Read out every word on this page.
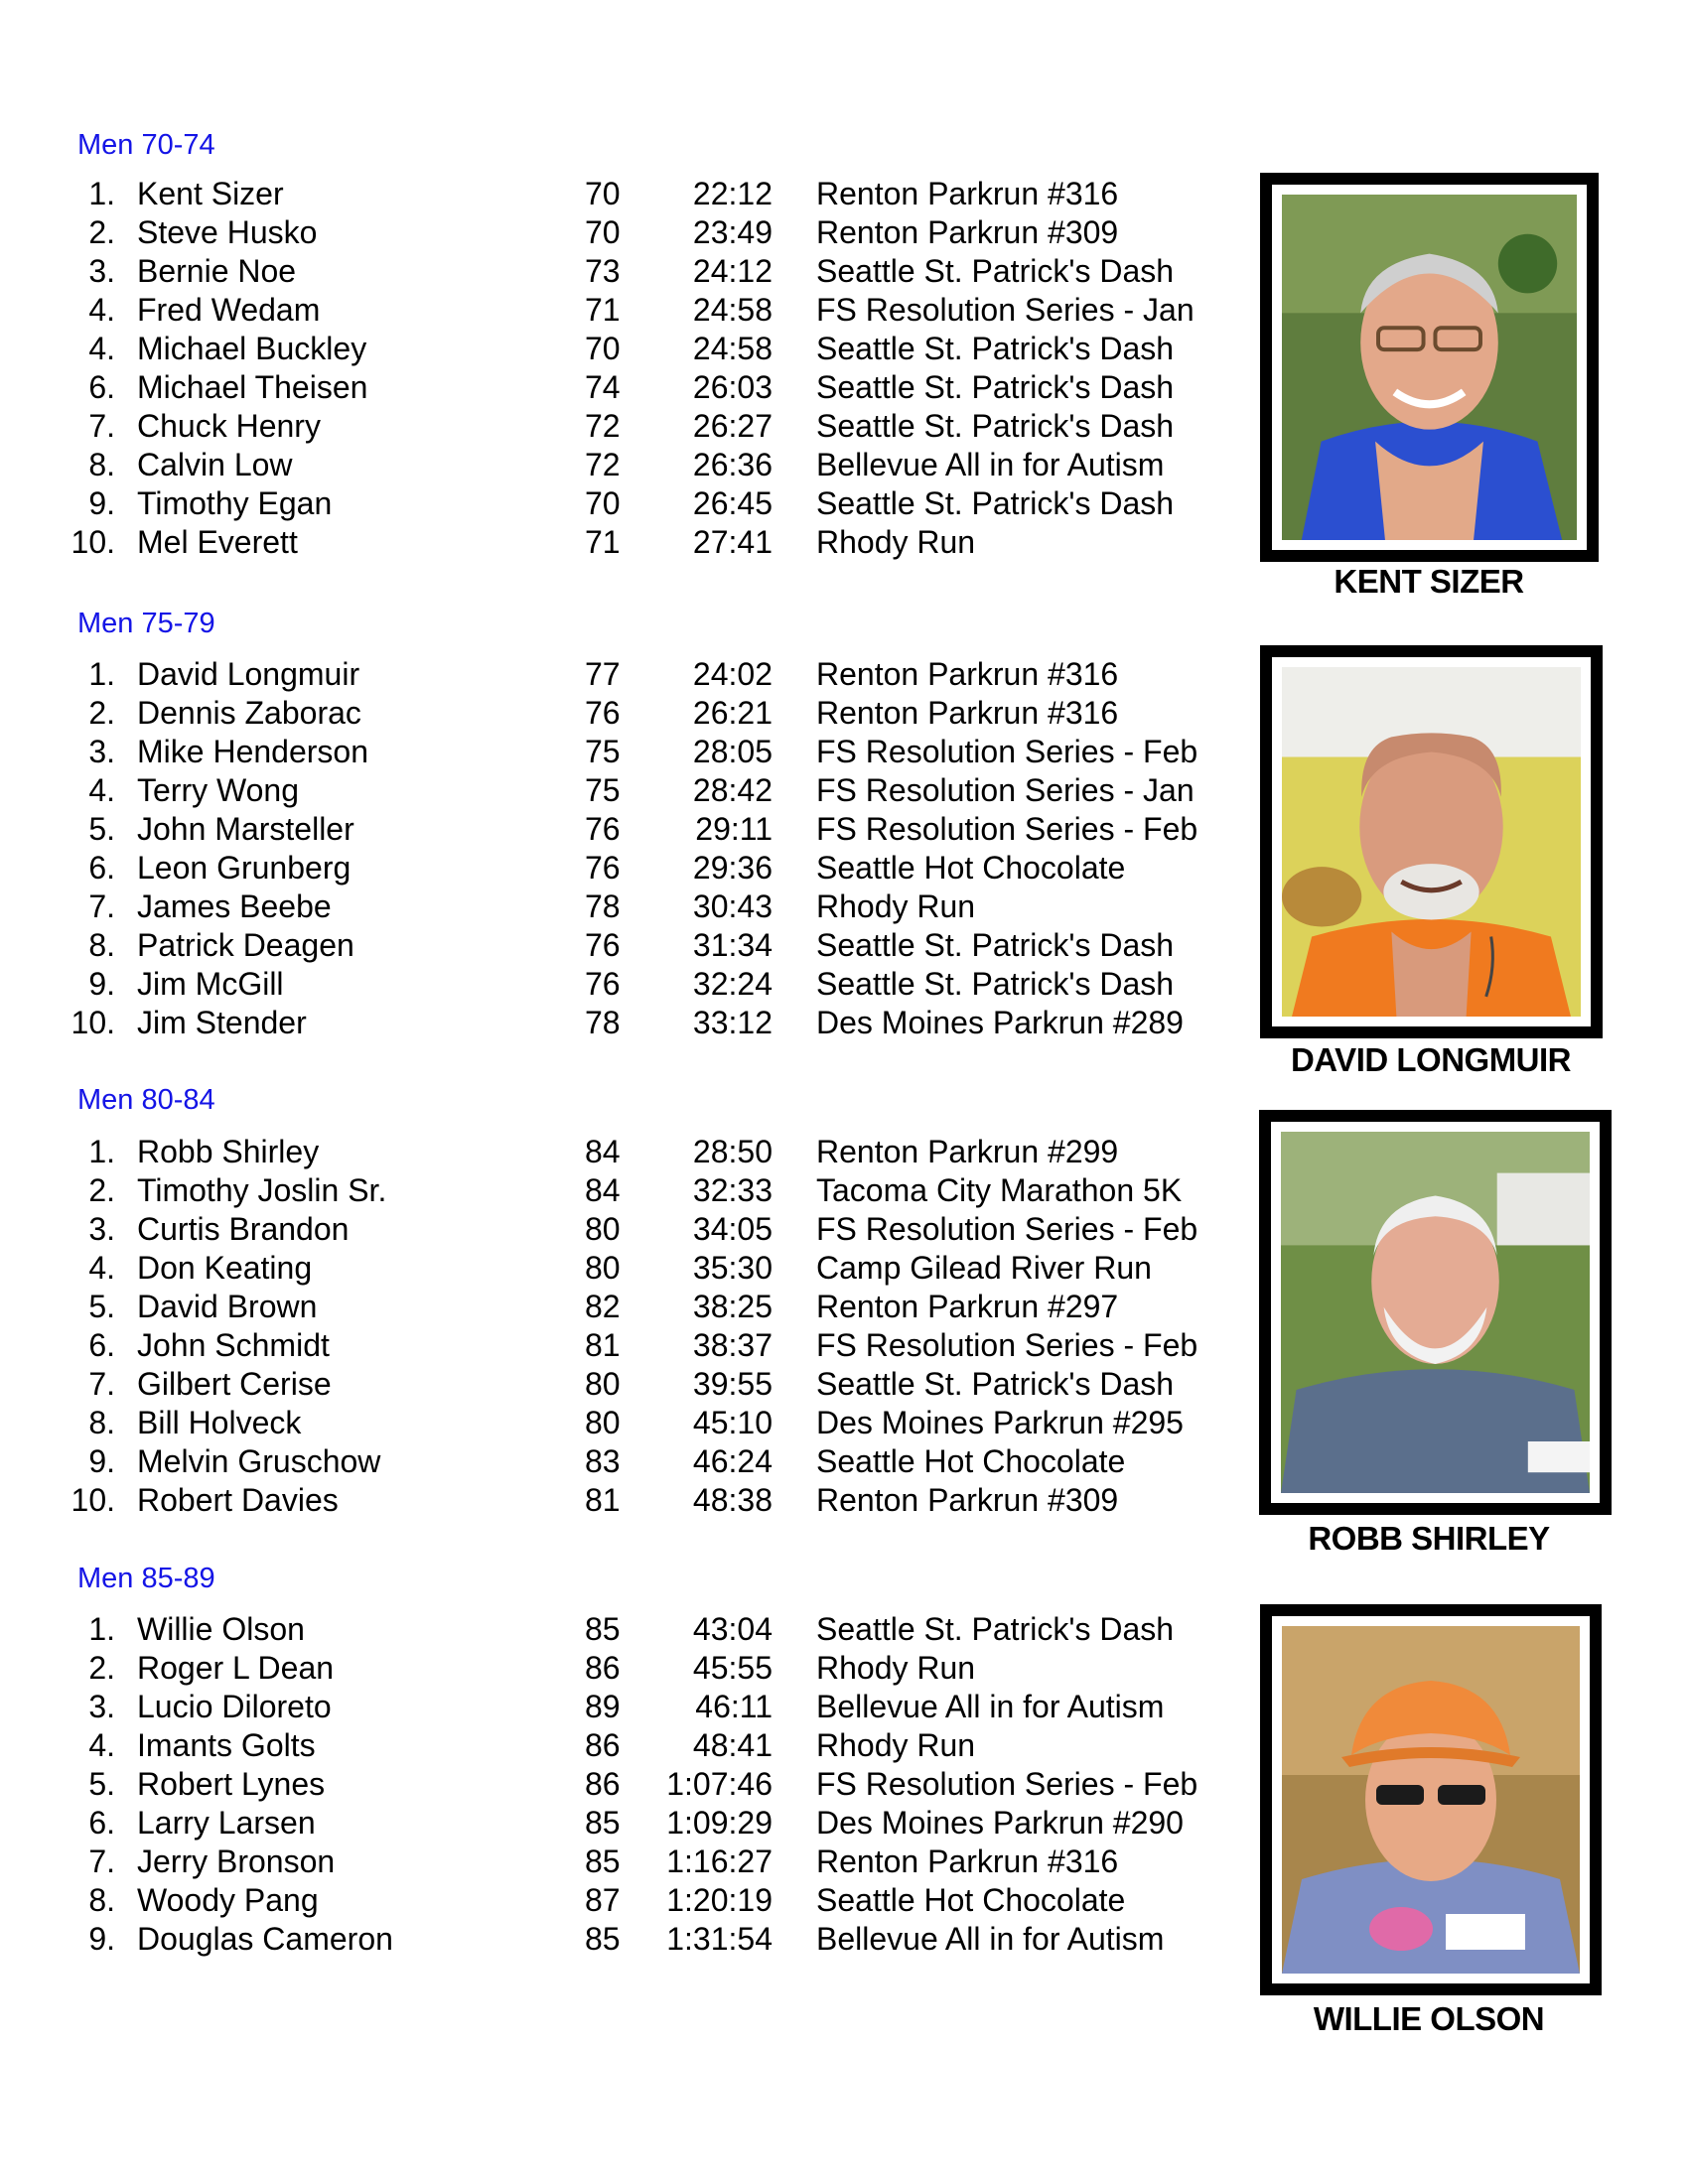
Men 70-74
1. Kent Sizer	70	22:12 Renton Parkrun #316
2. Steve Husko	70	23:49 Renton Parkrun #309
3. Bernie Noe	73	24:12 Seattle St. Patrick's Dash
4. Fred Wedam	71	24:58 FS Resolution Series - Jan
4. Michael Buckley	70	24:58 Seattle St. Patrick's Dash
6. Michael Theisen	74	26:03 Seattle St. Patrick's Dash
7. Chuck Henry	72	26:27 Seattle St. Patrick's Dash
8. Calvin Low	72	26:36 Bellevue All in for Autism
9. Timothy Egan	70	26:45 Seattle St. Patrick's Dash
10. Mel Everett	71	27:41 Rhody Run
KENT SIZER
Men 75-79
1. David Longmuir	77	24:02 Renton Parkrun #316
2. Dennis Zaborac	76	26:21 Renton Parkrun #316
3. Mike Henderson	75	28:05 FS Resolution Series - Feb
4. Terry Wong	75	28:42 FS Resolution Series - Jan
5. John Marsteller	76	29:11 FS Resolution Series - Feb
6. Leon Grunberg	76	29:36 Seattle Hot Chocolate
7. James Beebe	78	30:43 Rhody Run
8. Patrick Deagen	76	31:34 Seattle St. Patrick's Dash
9. Jim McGill	76	32:24 Seattle St. Patrick's Dash
10. Jim Stender	78	33:12 Des Moines Parkrun #289
DAVID LONGMUIR
Men 80-84
1. Robb Shirley	84	28:50 Renton Parkrun #299
2. Timothy Joslin Sr.	84	32:33 Tacoma City Marathon 5K
3. Curtis Brandon	80	34:05 FS Resolution Series - Feb
4. Don Keating	80	35:30 Camp Gilead River Run
5. David Brown	82	38:25 Renton Parkrun #297
6. John Schmidt	81	38:37 FS Resolution Series - Feb
7. Gilbert Cerise	80	39:55 Seattle St. Patrick's Dash
8. Bill Holveck	80	45:10 Des Moines Parkrun #295
9. Melvin Gruschow	83	46:24 Seattle Hot Chocolate
10. Robert Davies	81	48:38 Renton Parkrun #309
ROBB SHIRLEY
Men 85-89
1. Willie Olson	85	43:04 Seattle St. Patrick's Dash
2. Roger L Dean	86	45:55 Rhody Run
3. Lucio Diloreto	89	46:11 Bellevue All in for Autism
4. Imants Golts	86	48:41 Rhody Run
5. Robert Lynes	86	1:07:46 FS Resolution Series - Feb
6. Larry Larsen	85	1:09:29 Des Moines Parkrun #290
7. Jerry Bronson	85	1:16:27 Renton Parkrun #316
8. Woody Pang	87	1:20:19 Seattle Hot Chocolate
9. Douglas Cameron	85	1:31:54 Bellevue All in for Autism
WILLIE OLSON
